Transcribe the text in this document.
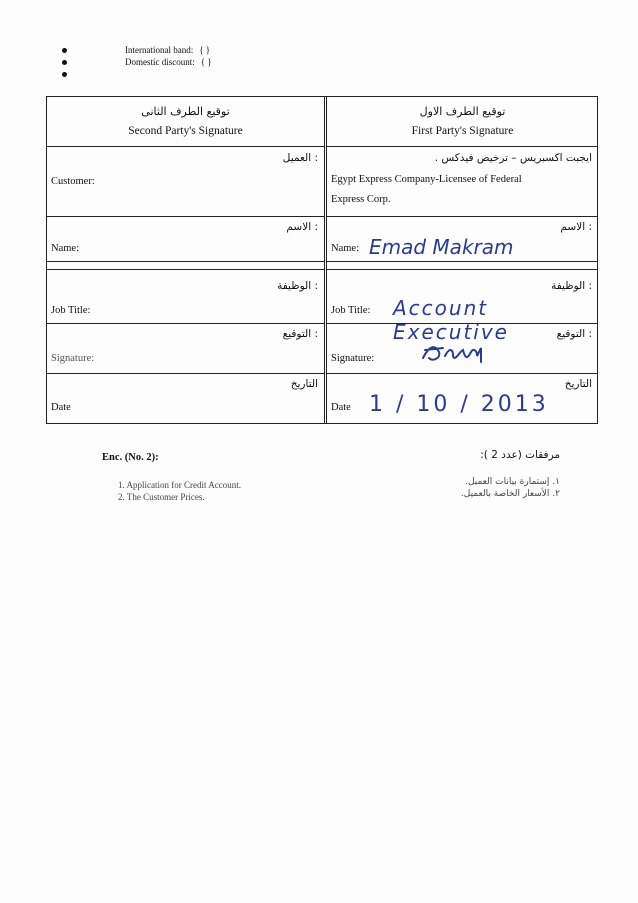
International band: { }
Domestic discount: { }
توقيع الطرف الثانى
Second Party's Signature
: العميل
Customer:
: الاسم
Name:
: الوظيفة
Job Title:
: التوقيع
Signature:
التاريخ
Date
توقيع الطرف الاول
First Party's Signature
ايجبت اكسبريس – ترخيص فيدكس .
Egypt Express Company-Licensee of Federal
Express Corp.
: الاسم
Name: Emad Makram
: الوظيفة
Job Title: Account Executive	: التوقيع
Signature:
التاريخ
Date 1 / 10 / 2013
Enc. (No. 2):	مرفقات (عدد 2 ):
1. Application for Credit Account.
2. The Customer Prices.
١. إستمارة بيانات العميل.
٢. الأسعار الخاصة بالعميل.
